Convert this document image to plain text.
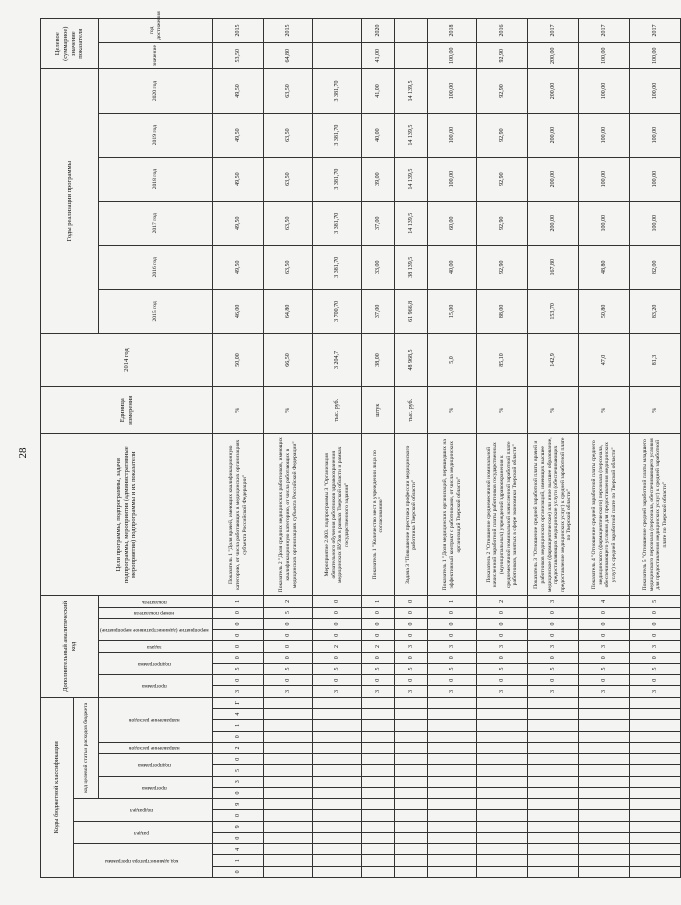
28
Коды бюджетной классификации																Дополнительный аналитический код									Цели программы, подпрограммы, задачи подпрограммы, мероприятия (административные мероприятия) подпрограммы и их показатели	Единица измерения	2014 год	Годы реализации программы						Целевое (суммарное) значение показателя	
код администратора программы			раздел		подраздел		код целевой статьи расходов бюджета																												
							программа		подпрограмма		направление расходов	направление расходов				программа		подпрограмма		задача	мероприятие (административное мероприятие)		номер показателя	показатель				2015 год	2016 год	2017 год	2018 год	2019 год	2020 год	значение	год достижения
0	1	4	0	9	0	9	0	3	5	0	2	0	1	4	Г	3	0	5	0	0	0	0	0	1	Показатель 1 "Доля врачей, имеющих квалификационную категорию, от числа работающих в медицинских организациях субъекта Российской Федерации"	%	50,00	46,00	49,50	49,50	49,50	49,50	49,50	53,50	2015
																3	0	5	0	0	0	0	5	2	Показатель 2 "Доля средних медицинских работников, имеющих квалификационную категорию, от числа работающих в медицинских организациях субъекта Российской Федерации"	%	66,50	64,80	63,50	63,50	63,50	63,50	63,50	64,80	2015
																3	0	5	0	2	0	0	0	0	Мероприятие 2.003. подпрограммы 3 "Организация обязательного обучения работников здравоохранения медицинских ВУЗов в рамках Тверской области и рамках государственного задания"	тыс. руб.	3 204,7	3 700,70	3 381,70	3 381,70	3 381,70	3 381,70	3 381,70		
																3	0	5	0	2	0	0	0	1	Показатель 1 "Количество мест в учреждении лица по согласованию"	штук	38,00	37,00	33,00	37,00	39,00	40,00	41,00	41,00	2020
																3	0	5	0	3	0	0	0	0	Задача 3 "Повышение престижа профессии медицинского работника Тверской области"	тыс. руб.	48 968,5	61 966,8	38 139,5	14 139,5	14 139,5	14 139,5	14 139,5		
																3	0	5	0	3	0	0	0	1	Показатель 1 "Доля медицинских организаций, перешедших на эффективный контракт с работниками, от числа медицинских организаций Тверской области"	%	5,0	15,00	40,00	60,00	100,00	100,00	100,00	100,00	2018
																3	0	5	0	3	0	0	0	2	Показатель 2 "Отношение среднемесячной номинальной начисленной заработной платы работников государственных (муниципальных) учреждений здравоохранения к среднемесячной номинальной начисленной заработной плате работников, занятых в сфере экономики Тверской области"	%	85,10	88,00	92,90	92,90	92,90	92,90	92,90	92,90	2016
																3	0	5	0	3	0	0	0	3	Показатель 3 "Отношение средней заработной платы врачей и работников медицинских организаций, имеющих высшее медицинское (фармацевтическое) или иное высшее образование, предоставляющих медицинские услуги (обеспечивающих предоставление медицинских услуг) к средней заработной плате по Тверской области"	%	142,9	153,70	167,80	200,00	200,00	200,00	200,00	200,00	2017
																3	0	5	0	3	0	0	0	4	Показатель 4 "Отношение средней заработной платы среднего медицинского (фармацевтического) персонала (персонала, обеспечивающего условия для предоставления медицинских услуг) к средней заработной плате по Тверской области"	%	47,0	50,80	48,80	100,00	100,00	100,00	100,00	100,00	2017
																3	0	5	0	3	0	0	0	5	Показатель 5 "Отношение средней заработной платы младшего медицинского персонала (персонала, обеспечивающего условия для предоставления медицинских услуг) к средней заработной плате по Тверской области"	%	81,3	83,20	82,00	100,00	100,00	100,00	100,00	100,00	2017
